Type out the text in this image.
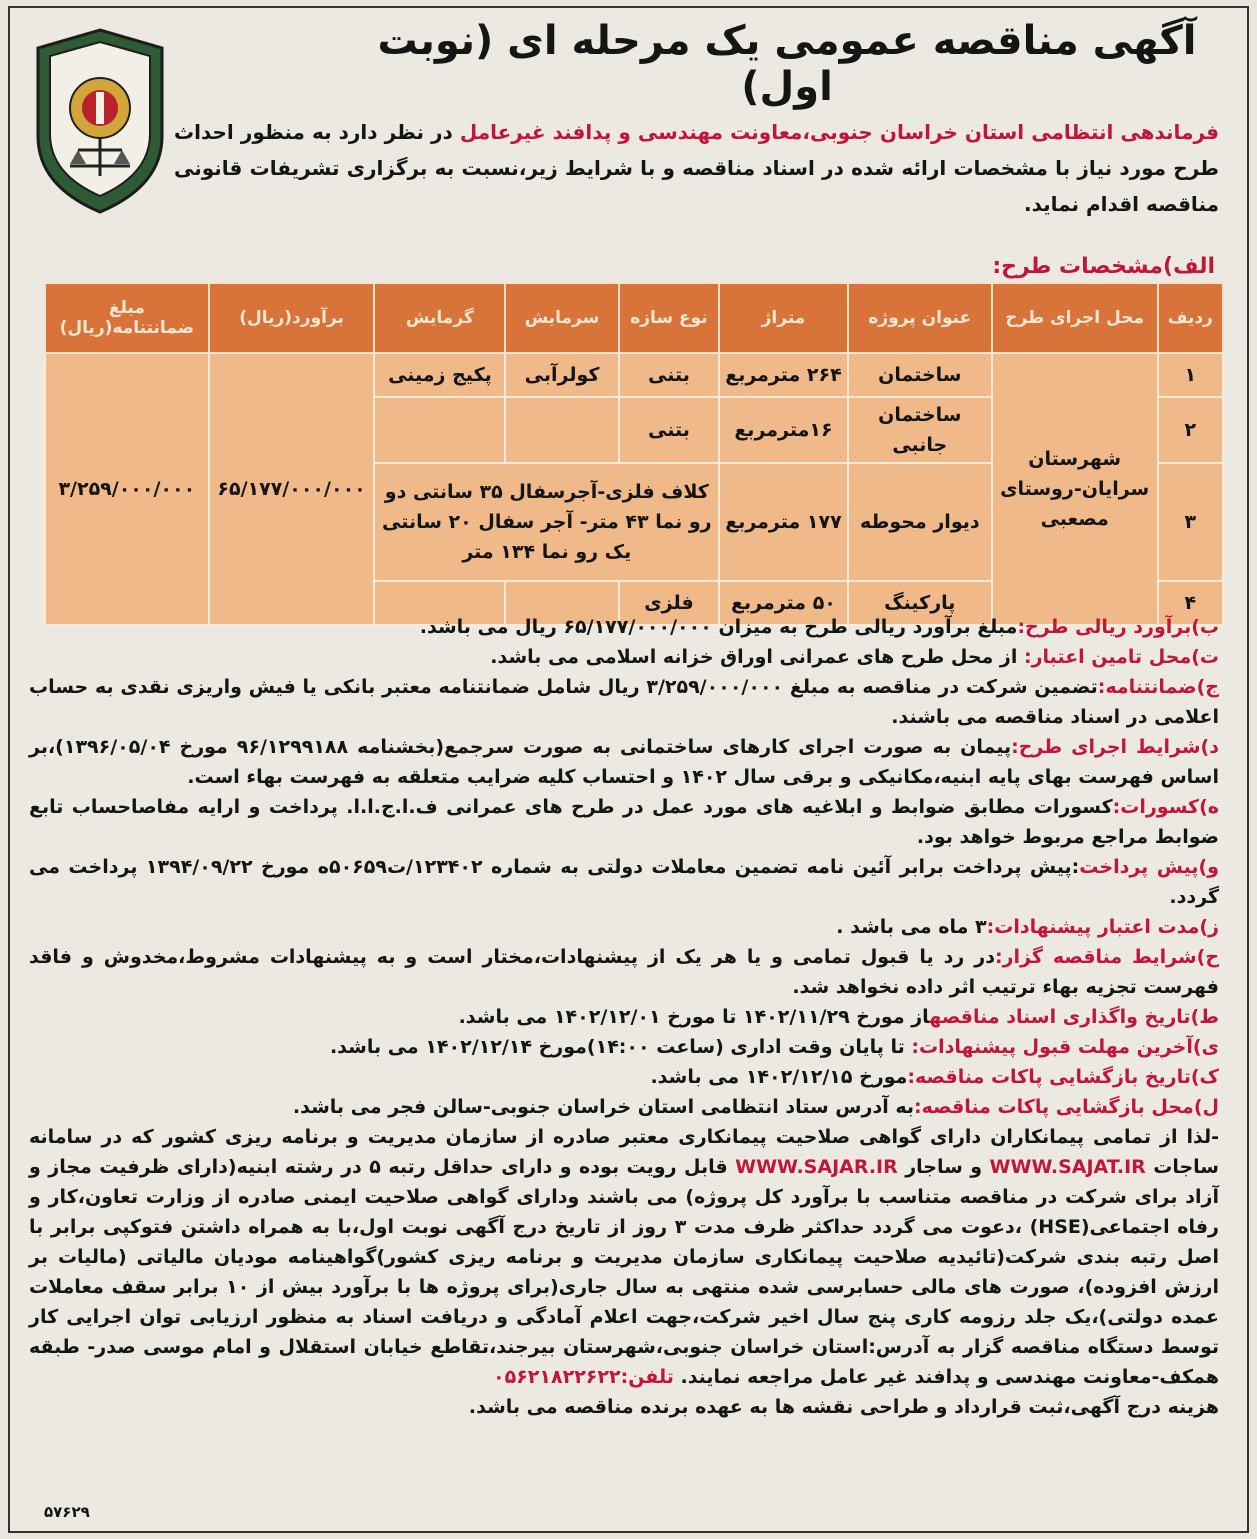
آگهی مناقصه عمومی یک مرحله ای (نوبت اول)
فرماندهی انتظامی استان خراسان جنوبی،معاونت مهندسی و پدافند غیرعامل در نظر دارد به منظور احداث طرح مورد نیاز با مشخصات ارائه شده در اسناد مناقصه و با شرایط زیر،نسبت به برگزاری تشریفات قانونی مناقصه اقدام نماید.
الف)مشخصات طرح:
ردیف	محل اجرای طرح	عنوان پروژه	متراژ	نوع سازه	سرمایش	گرمایش	برآورد(ریال)	مبلغ ضمانتنامه(ریال)
۱	شهرستان سرایان-روستای مصعبی	ساختمان	۲۶۴ مترمربع	بتنی	کولرآبی	پکیج زمینی	۶۵/۱۷۷/۰۰۰/۰۰۰	۳/۲۵۹/۰۰۰/۰۰۰
۲		ساختمان جانبی	۱۶مترمربع	بتنی				
۳		دیوار محوطه	۱۷۷ مترمربع	کلاف فلزی-آجرسفال ۳۵ سانتی دو رو نما ۴۳ متر- آجر سفال ۲۰ سانتی یک رو نما ۱۳۴ متر				
۴		پارکینگ	۵۰ مترمربع	فلزی				

ب)برآورد ریالی طرح:مبلغ برآورد ریالی طرح به میزان ۶۵/۱۷۷/۰۰۰/۰۰۰ ریال می باشد.

ت)محل تامین اعتبار: از محل طرح های عمرانی اوراق خزانه اسلامی می باشد.

ج)ضمانتنامه:تضمین شرکت در مناقصه به مبلغ ۳/۲۵۹/۰۰۰/۰۰۰ ریال شامل ضمانتنامه معتبر بانکی یا فیش واریزی نقدی به حساب اعلامی در اسناد مناقصه می باشند.

د)شرایط اجرای طرح:پیمان به صورت اجرای کارهای ساختمانی به صورت سرجمع(بخشنامه ۹۶/۱۲۹۹۱۸۸ مورخ ۱۳۹۶/۰۵/۰۴)،بر اساس فهرست بهای پایه ابنیه،مکانیکی و برقی سال ۱۴۰۲ و احتساب کلیه ضرایب متعلقه به فهرست بهاء است.

ه)کسورات:کسورات مطابق ضوابط و ابلاغیه های مورد عمل در طرح های عمرانی ف.ا.ج.ا.ا. پرداخت و ارایه مفاصاحساب تابع ضوابط مراجع مربوط خواهد بود.

و)پیش پرداخت:پیش پرداخت برابر آئین نامه تضمین معاملات دولتی به شماره ۱۲۳۴۰۲/ت۵۰۶۵۹ه مورخ ۱۳۹۴/۰۹/۲۲ پرداخت می گردد.

ز)مدت اعتبار پیشنهادات:۳ ماه می باشد .

ح)شرایط مناقصه گزار:در رد یا قبول تمامی و یا هر یک از پیشنهادات،مختار است و به پیشنهادات مشروط،مخدوش و فاقد فهرست تجزیه بهاء ترتیب اثر داده نخواهد شد.

ط)تاریخ واگذاری اسناد مناقصهاز مورخ ۱۴۰۲/۱۱/۲۹ تا مورخ ۱۴۰۲/۱۲/۰۱ می باشد.

ی)آخرین مهلت قبول پیشنهادات: تا پایان وقت اداری (ساعت ۱۴:۰۰)مورخ ۱۴۰۲/۱۲/۱۴ می باشد.

ک)تاریخ بازگشایی پاکات مناقصه:مورخ ۱۴۰۲/۱۲/۱۵ می باشد.

ل)محل بازگشایی پاکات مناقصه:به آدرس ستاد انتظامی استان خراسان جنوبی-سالن فجر می باشد.

-لذا از تمامی پیمانکاران دارای گواهی صلاحیت پیمانکاری معتبر صادره از سازمان مدیریت و برنامه ریزی کشور که در سامانه ساجات WWW.SAJAT.IR و ساجار WWW.SAJAR.IR قابل رویت بوده و دارای حداقل رتبه ۵ در رشته ابنیه(دارای ظرفیت مجاز و آزاد برای شرکت در مناقصه متناسب با برآورد کل پروژه) می باشند ودارای گواهی صلاحیت ایمنی صادره از وزارت تعاون،کار و رفاه اجتماعی(HSE) ،دعوت می گردد حداکثر ظرف مدت ۳ روز از تاریخ درج آگهی نوبت اول،با به همراه داشتن فتوکپی برابر با اصل رتبه بندی شرکت(تائیدیه صلاحیت پیمانکاری سازمان مدیریت و برنامه ریزی کشور)گواهینامه مودیان مالیاتی (مالیات بر ارزش افزوده)، صورت های مالی حسابرسی شده منتهی به سال جاری(برای پروژه ها با برآورد بیش از ۱۰ برابر سقف معاملات عمده دولتی)،یک جلد رزومه کاری پنج سال اخیر شرکت،جهت اعلام آمادگی و دریافت اسناد به منظور ارزیابی توان اجرایی کار توسط دستگاه مناقصه گزار به آدرس:استان خراسان جنوبی،شهرستان بیرجند،تقاطع خیابان استقلال و امام موسی صدر- طبقه همکف-معاونت مهندسی و پدافند غیر عامل مراجعه نمایند. تلفن:۰۵۶۲۱۸۲۲۶۲۲

هزینه درج آگهی،ثبت قرارداد و طراحی نقشه ها به عهده برنده مناقصه می باشد.

۵۷۶۲۹
